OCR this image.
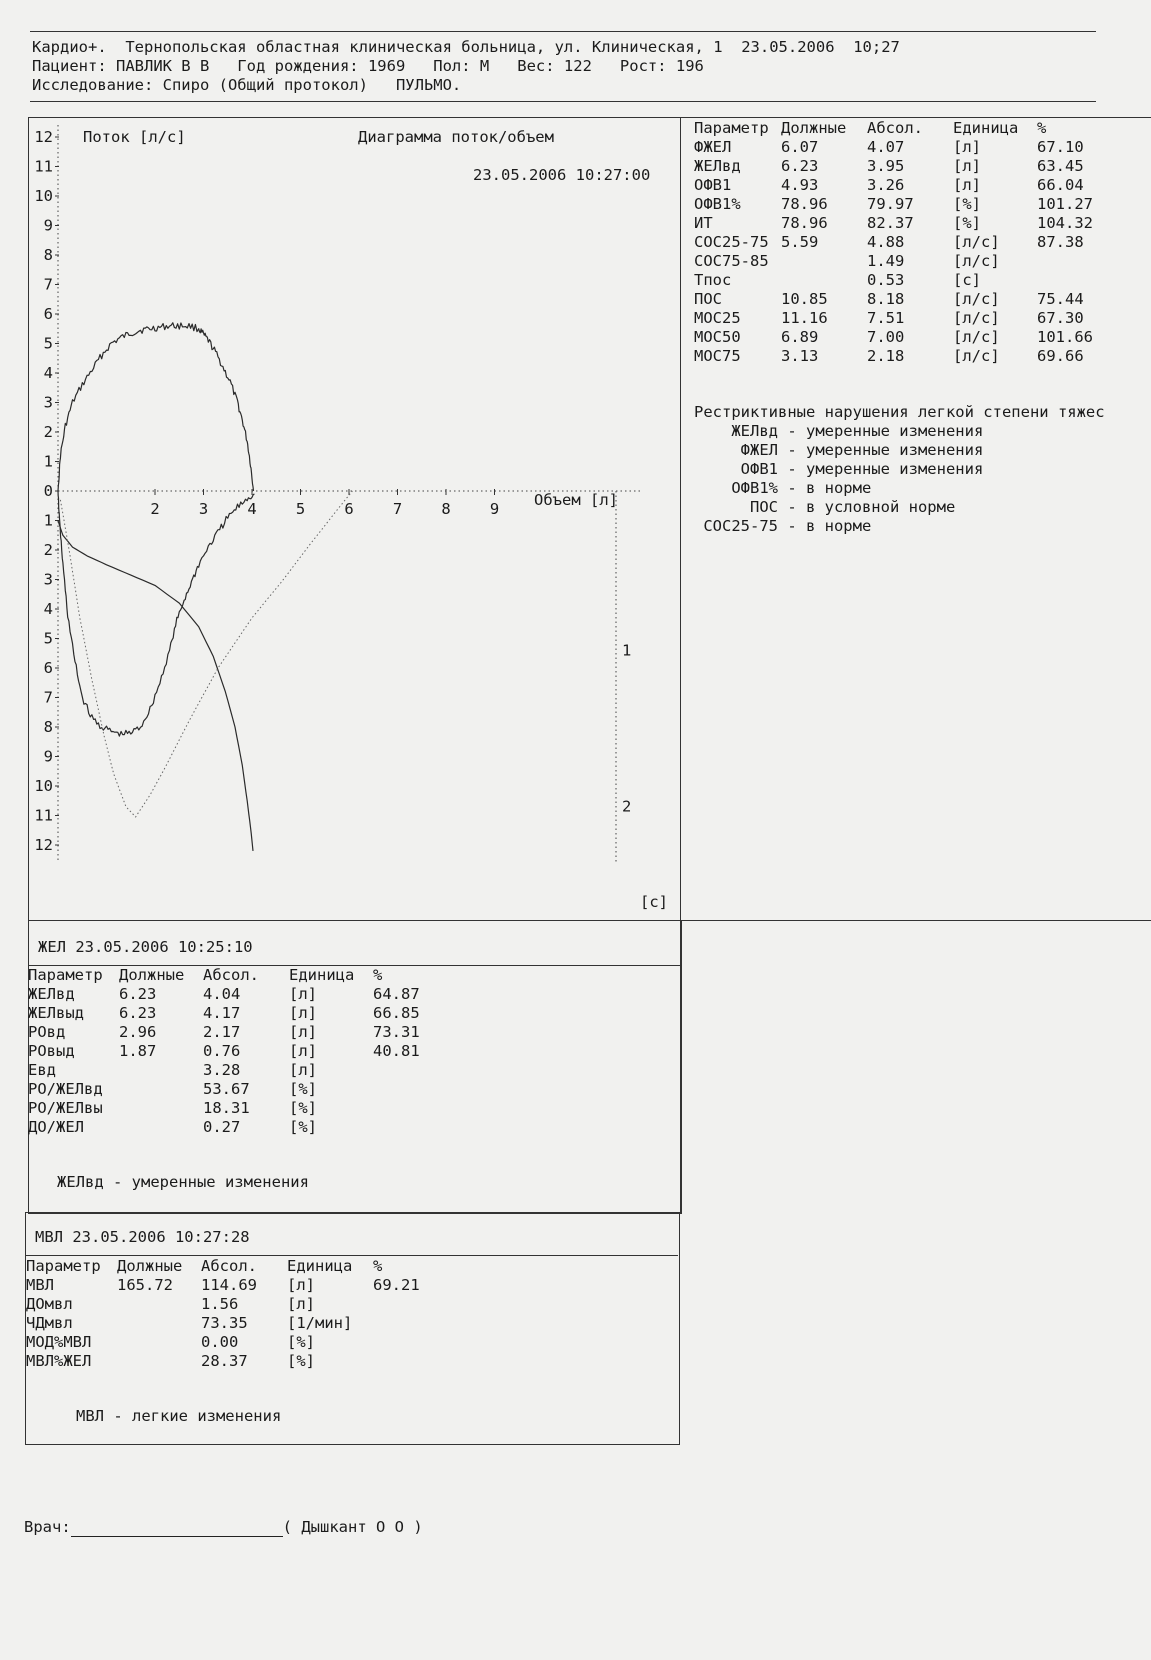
Кардио+.  Тернопольская областная клиническая больница, ул. Клиническая, 1  23.05.2006  10;27
Пациент: ПАВЛИК В В   Год рождения: 1969   Пол: М   Вес: 122   Рост: 196
Исследование: Спиро (Общий протокол)   ПУЛЬМО.
12
11
10
9
8
7
6
5
4
3
2
1
0
1
2
3
4
5
6
7
8
9
10
11
12
2	3	4	5	6	7	8	9
1
2
Поток [л/с]	Диаграмма поток/объем
23.05.2006 10:27:00
Объем [л]
[с]
Параметр	Должные	Абсол.	Единица	%
ФЖЕЛ	6.07	4.07	[л]	67.10
ЖЕЛвд	6.23	3.95	[л]	63.45
ОФВ1	4.93	3.26	[л]	66.04
ОФВ1%	78.96	79.97	[%]	101.27
ИТ	78.96	82.37	[%]	104.32
СОС25-75	5.59	4.88	[л/с]	87.38
СОС75-85		1.49	[л/с]	
Тпос		0.53	[с]	
ПОС	10.85	8.18	[л/с]	75.44
МОС25	11.16	7.51	[л/с]	67.30
МОС50	6.89	7.00	[л/с]	101.66
МОС75	3.13	2.18	[л/с]	69.66
Рестриктивные нарушения легкой степени тяжес
ЖЕЛвд - умеренные изменения
ФЖЕЛ - умеренные изменения
ОФВ1 - умеренные изменения
ОФВ1% - в норме
ПОС - в условной норме
СОС25-75 - в норме
ЖЕЛ 23.05.2006 10:25:10
Параметр	Должные	Абсол.	Единица	%
ЖЕЛвд	6.23	4.04	[л]	64.87
ЖЕЛвыд	6.23	4.17	[л]	66.85
РОвд	2.96	2.17	[л]	73.31
РОвыд	1.87	0.76	[л]	40.81
Евд		3.28	[л]	
РО/ЖЕЛвд		53.67	[%]	
РО/ЖЕЛвы		18.31	[%]	
ДО/ЖЕЛ		0.27	[%]	
ЖЕЛвд - умеренные изменения
МВЛ 23.05.2006 10:27:28
Параметр	Должные	Абсол.	Единица	%
МВЛ	165.72	114.69	[л]	69.21
ДОмвл		1.56	[л]	
ЧДмвл		73.35	[1/мин]	
МОД%МВЛ		0.00	[%]	
МВЛ%ЖЕЛ		28.37	[%]	
МВЛ - легкие изменения
Врач:	( Дышкант О О )
